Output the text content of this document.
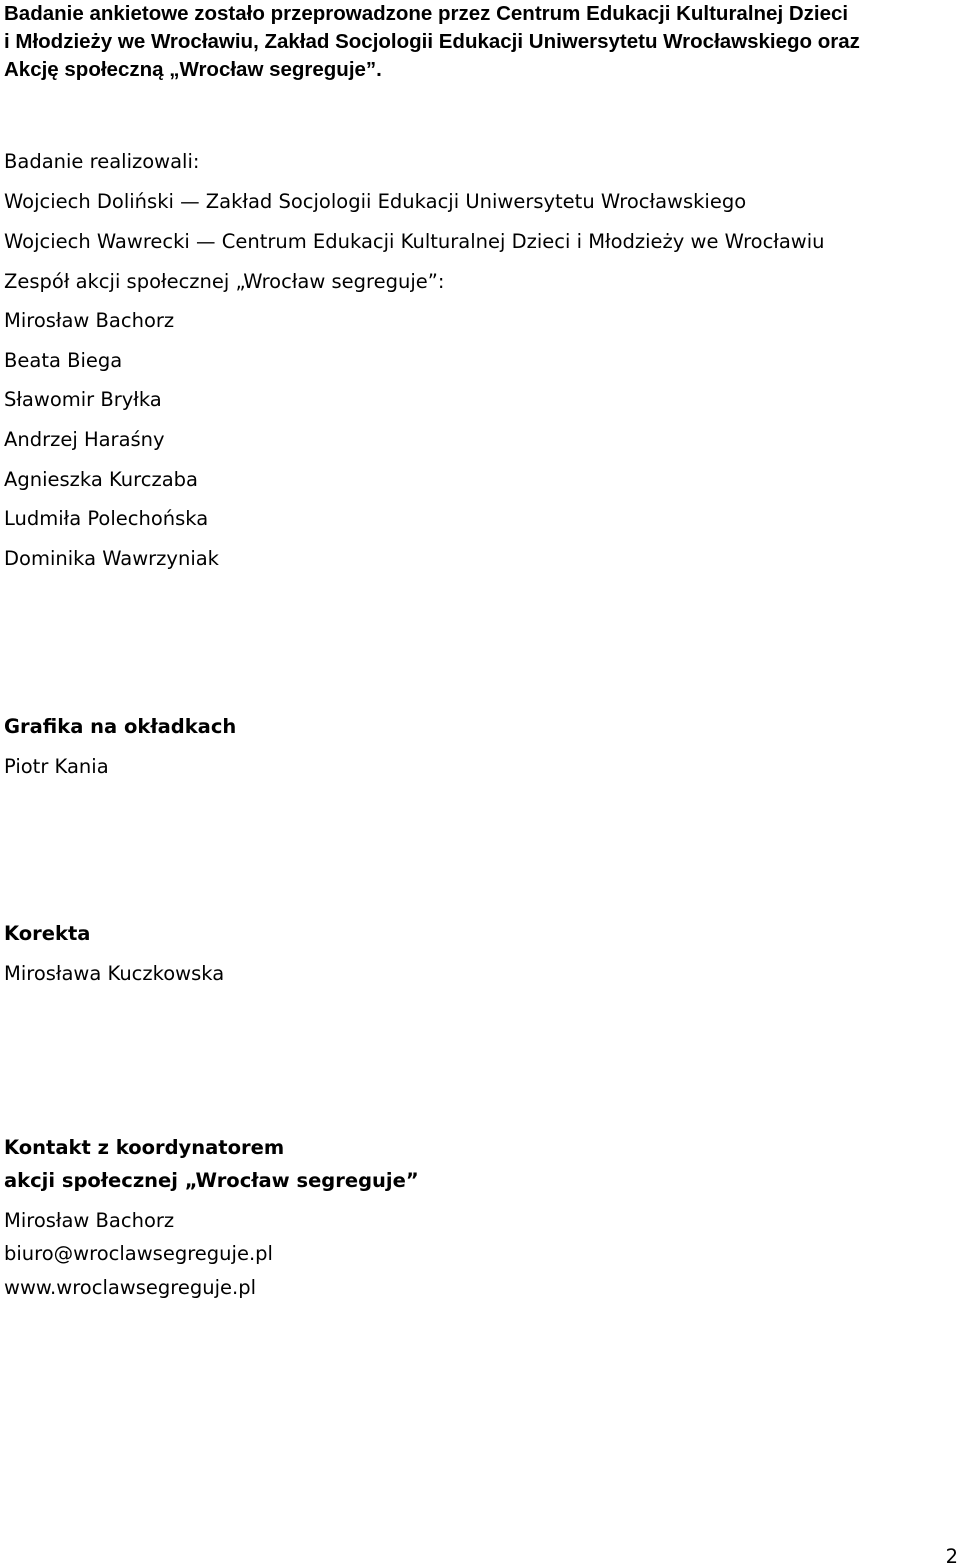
Badanie ankietowe zostało przeprowadzone przez Centrum Edukacji Kulturalnej Dzieci
i Młodzieży we Wrocławiu, Zakład Socjologii Edukacji Uniwersytetu Wrocławskiego oraz
Akcję społeczną „Wrocław segreguje”.
Badanie realizowali:
Wojciech Doliński — Zakład Socjologii Edukacji Uniwersytetu Wrocławskiego
Wojciech Wawrecki — Centrum Edukacji Kulturalnej Dzieci i Młodzieży we Wrocławiu
Zespół akcji społecznej „Wrocław segreguje”:
Mirosław Bachorz
Beata Biega
Sławomir Bryłka
Andrzej Haraśny
Agnieszka Kurczaba
Ludmiła Polechońska
Dominika Wawrzyniak
Grafika na okładkach
Piotr Kania
Korekta
Mirosława Kuczkowska
Kontakt z koordynatorem
akcji społecznej „Wrocław segreguje”
Mirosław Bachorz
biuro@wroclawsegreguje.pl
www.wroclawsegreguje.pl
2
